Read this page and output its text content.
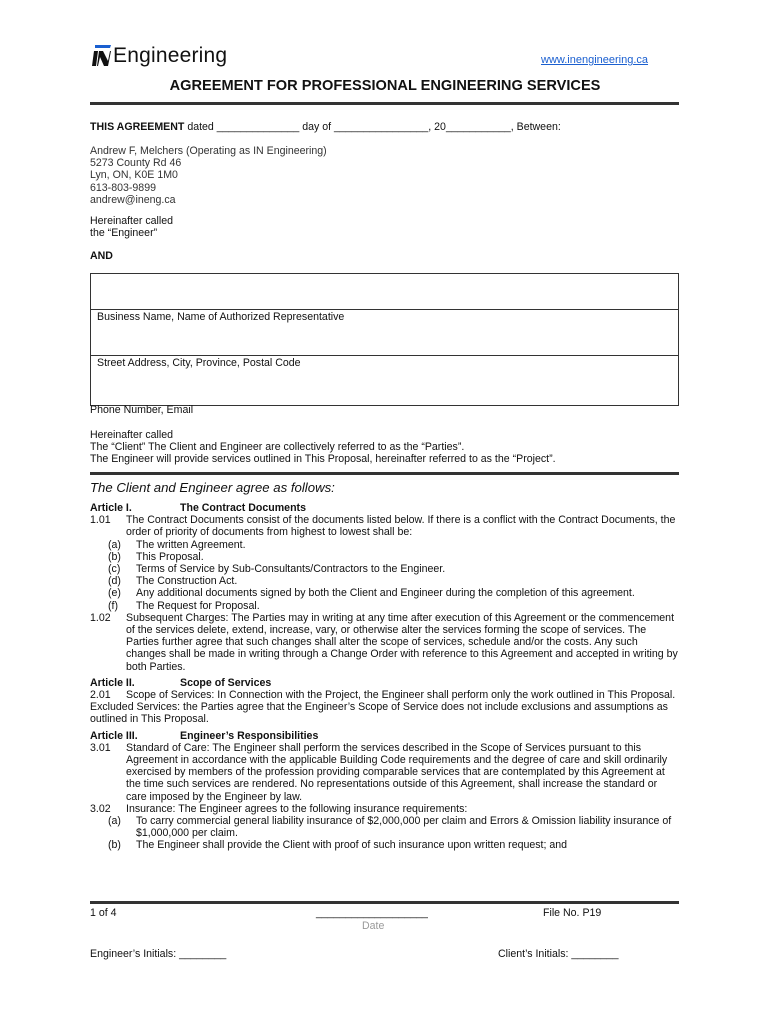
Engineering	www.inengineering.ca
AGREEMENT FOR PROFESSIONAL ENGINEERING SERVICES
THIS AGREEMENT dated ______________ day of ________________, 20___________, Between:
Andrew F, Melchers (Operating as IN Engineering)
5273 County Rd 46
Lyn, ON, K0E 1M0
613-803-9899
andrew@ineng.ca
Hereinafter called
the “Engineer”
AND
Business Name, Name of Authorized Representative
Street Address, City, Province, Postal Code
Phone Number, Email
Hereinafter called
The “Client” The Client and Engineer are collectively referred to as the “Parties”.
The Engineer will provide services outlined in This Proposal, hereinafter referred to as the “Project”.
The Client and Engineer agree as follows:
Article I.	The Contract Documents
1.01	The Contract Documents consist of the documents listed below. If there is a conflict with the Contract Documents, the order of priority of documents from highest to lowest shall be:
(a)	The written Agreement.
(b)	This Proposal.
(c)	Terms of Service by Sub-Consultants/Contractors to the Engineer.
(d)	The Construction Act.
(e)	Any additional documents signed by both the Client and Engineer during the completion of this agreement.
(f)	The Request for Proposal.
1.02	Subsequent Charges: The Parties may in writing at any time after execution of this Agreement or the commencement of the services delete, extend, increase, vary, or otherwise alter the services forming the scope of services. The Parties further agree that such changes shall alter the scope of services, schedule and/or the costs. Any such changes shall be made in writing through a Change Order with reference to this Agreement and accepted in writing by both Parties.
Article II.	Scope of Services
2.01	Scope of Services: In Connection with the Project, the Engineer shall perform only the work outlined in This Proposal.
Excluded Services: the Parties agree that the Engineer’s Scope of Service does not include exclusions and assumptions as outlined in This Proposal.
Article III.	Engineer’s Responsibilities
3.01	Standard of Care: The Engineer shall perform the services described in the Scope of Services pursuant to this Agreement in accordance with the applicable Building Code requirements and the degree of care and skill ordinarily exercised by members of the profession providing comparable services that are contemplated by this Agreement at the time such services are rendered. No representations outside of this Agreement, shall increase the standard or care imposed by the Engineer by law.
3.02	Insurance: The Engineer agrees to the following insurance requirements:
(a)	To carry commercial general liability insurance of $2,000,000 per claim and Errors & Omission liability insurance of $1,000,000 per claim.
(b)	The Engineer shall provide the Client with proof of such insurance upon written request; and
1 of 4	___________________
Date
File No. P19
Engineer’s Initials: ________	Client’s Initials: ________
